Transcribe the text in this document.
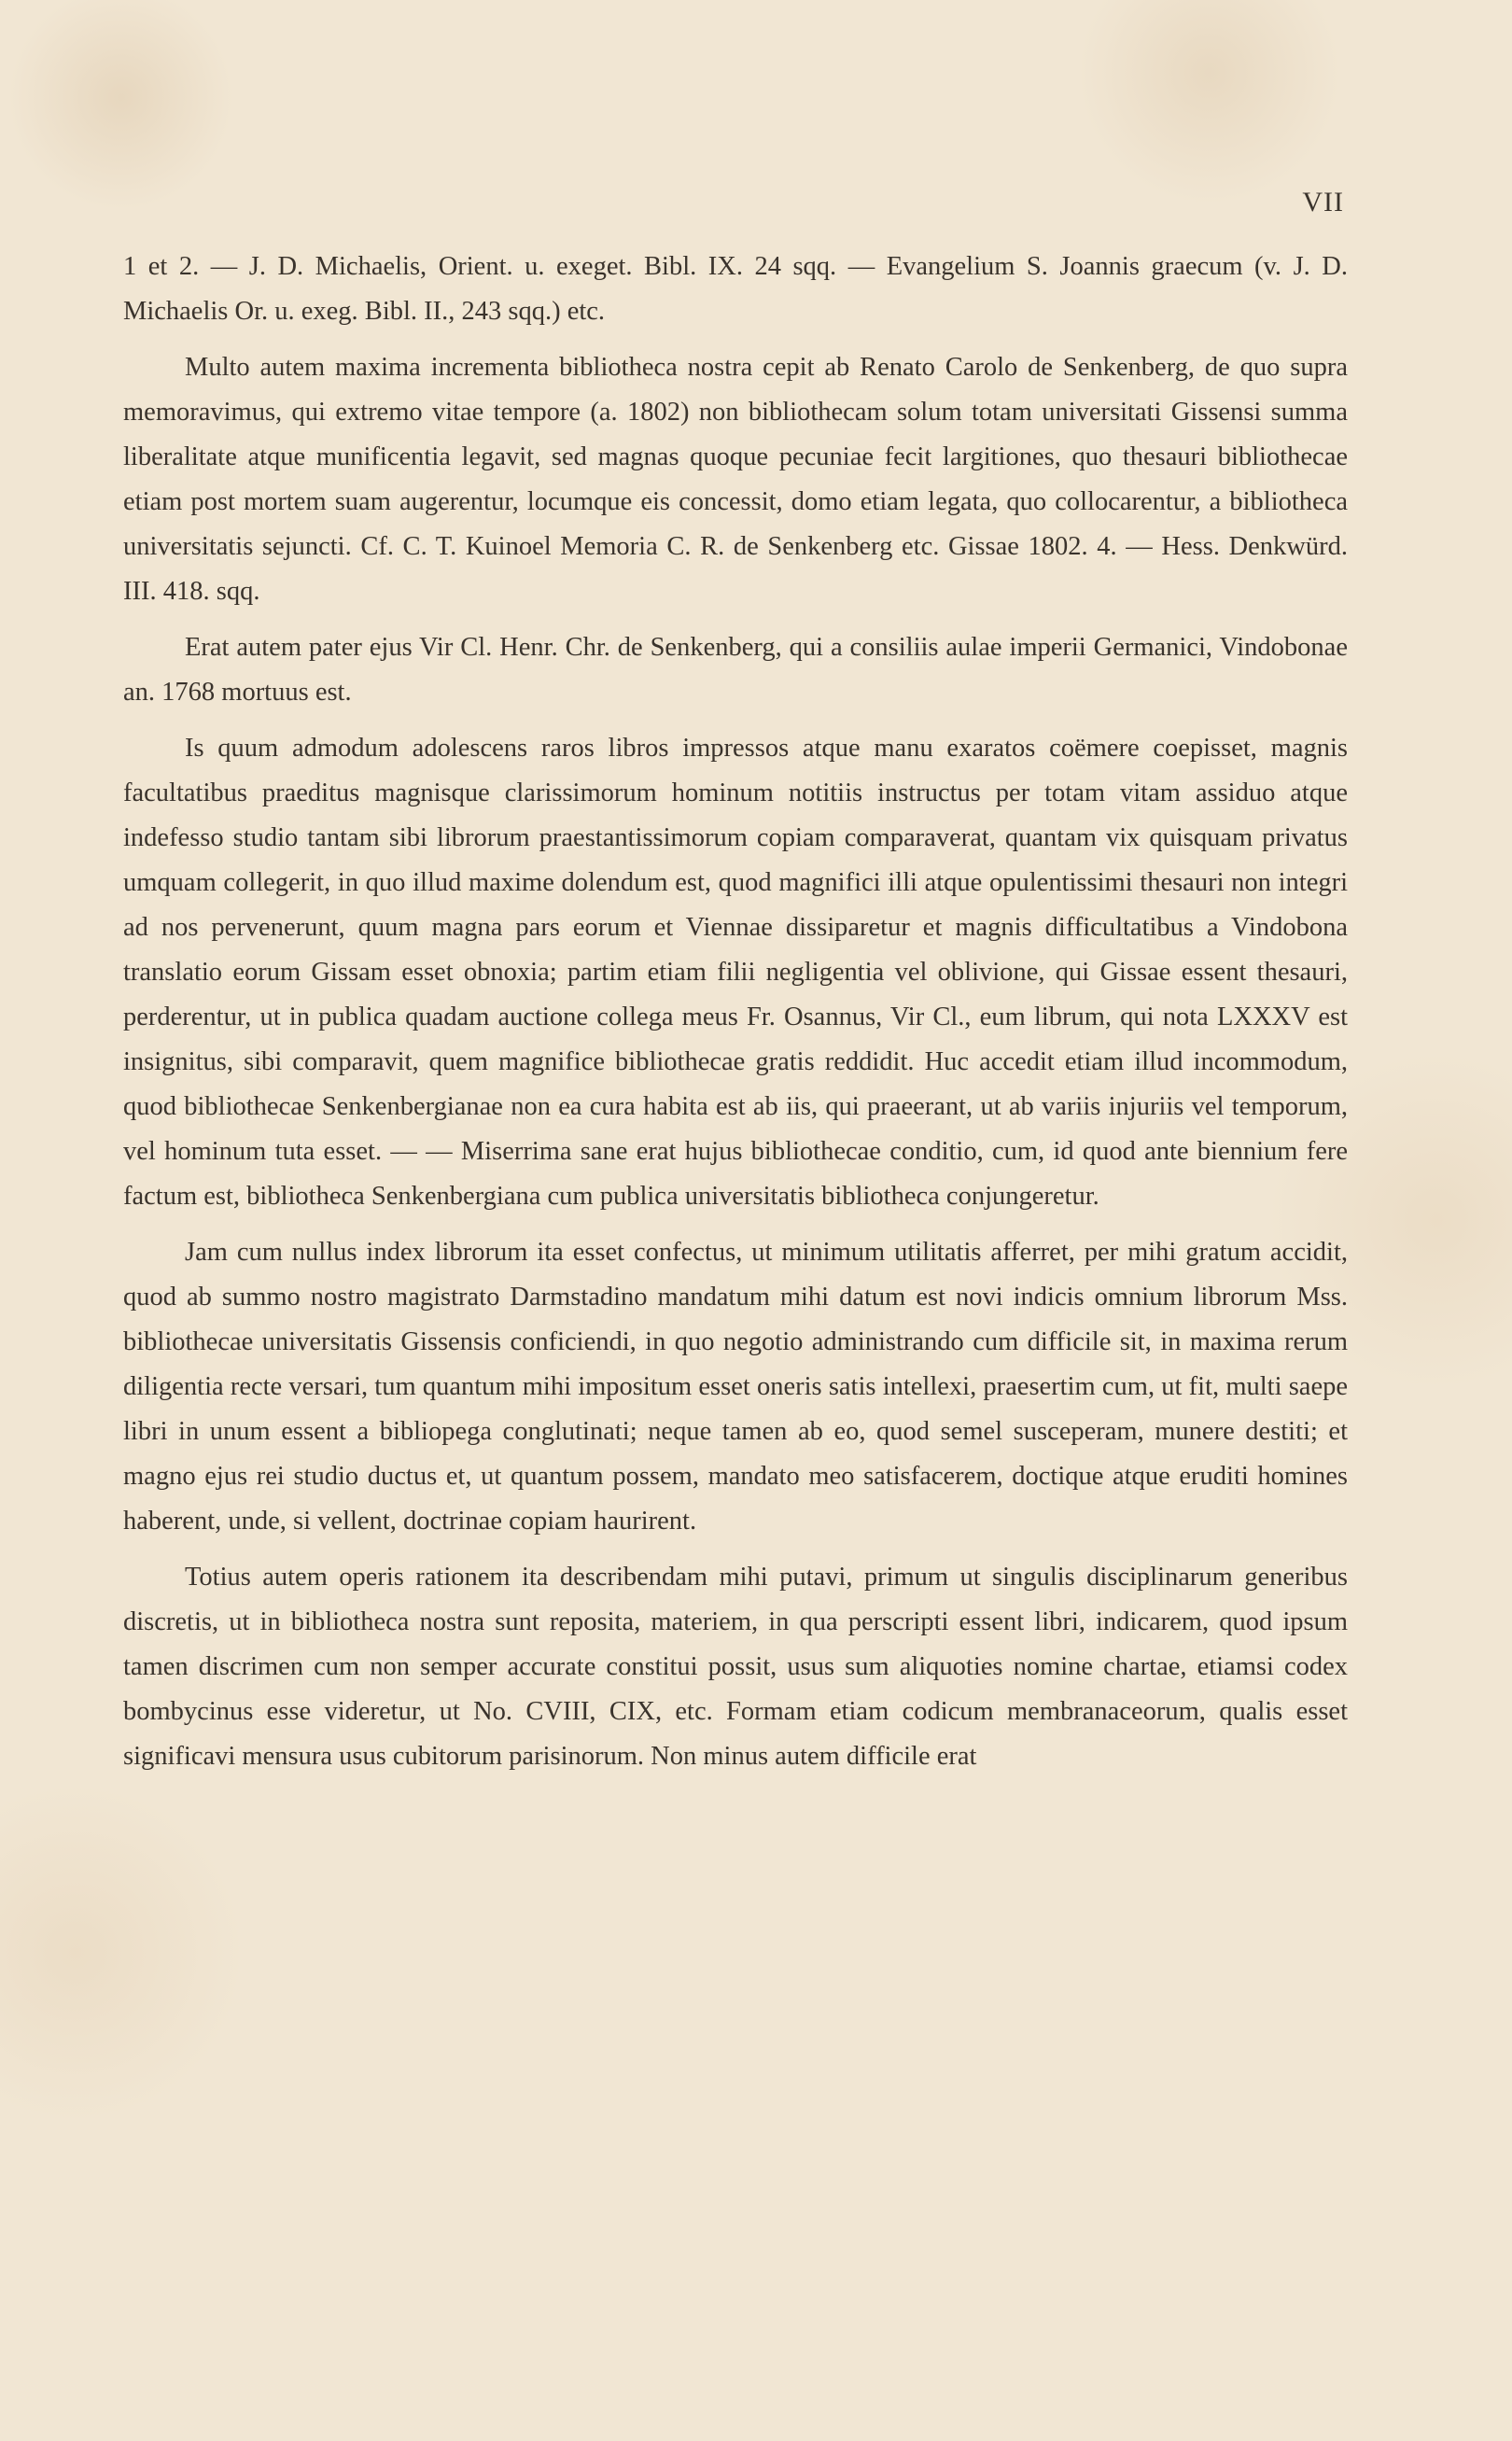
VII

1 et 2. — J. D. Michaelis, Orient. u. exeget. Bibl. IX. 24 sqq. — Evangelium S. Joannis graecum (v. J. D. Michaelis Or. u. exeg. Bibl. II., 243 sqq.) etc.

Multo autem maxima incrementa bibliotheca nostra cepit ab Renato Carolo de Senkenberg, de quo supra memoravimus, qui extremo vitae tempore (a. 1802) non bibliothecam solum totam universitati Gissensi summa liberalitate atque munificentia legavit, sed magnas quoque pecuniae fecit largitiones, quo thesauri bibliothecae etiam post mortem suam augerentur, locumque eis concessit, domo etiam legata, quo collocarentur, a bibliotheca universitatis sejuncti. Cf. C. T. Kuinoel Memoria C. R. de Senkenberg etc. Gissae 1802. 4. — Hess. Denkwürd. III. 418. sqq.

Erat autem pater ejus Vir Cl. Henr. Chr. de Senkenberg, qui a consiliis aulae imperii Germanici, Vindobonae an. 1768 mortuus est.

Is quum admodum adolescens raros libros impressos atque manu exaratos coëmere coepisset, magnis facultatibus praeditus magnisque clarissimorum hominum notitiis instructus per totam vitam assiduo atque indefesso studio tantam sibi librorum praestantissimorum copiam comparaverat, quantam vix quisquam privatus umquam collegerit, in quo illud maxime dolendum est, quod magnifici illi atque opulentissimi thesauri non integri ad nos pervenerunt, quum magna pars eorum et Viennae dissiparetur et magnis difficultatibus a Vindobona translatio eorum Gissam esset obnoxia; partim etiam filii negligentia vel oblivione, qui Gissae essent thesauri, perderentur, ut in publica quadam auctione collega meus Fr. Osannus, Vir Cl., eum librum, qui nota LXXXV est insignitus, sibi comparavit, quem magnifice bibliothecae gratis reddidit. Huc accedit etiam illud incommodum, quod bibliothecae Senkenbergianae non ea cura habita est ab iis, qui praeerant, ut ab variis injuriis vel temporum, vel hominum tuta esset. — — Miserrima sane erat hujus bibliothecae conditio, cum, id quod ante biennium fere factum est, bibliotheca Senkenbergiana cum publica universitatis bibliotheca conjungeretur.

Jam cum nullus index librorum ita esset confectus, ut minimum utilitatis afferret, per mihi gratum accidit, quod ab summo nostro magistrato Darmstadino mandatum mihi datum est novi indicis omnium librorum Mss. bibliothecae universitatis Gissensis conficiendi, in quo negotio administrando cum difficile sit, in maxima rerum diligentia recte versari, tum quantum mihi impositum esset oneris satis intellexi, praesertim cum, ut fit, multi saepe libri in unum essent a bibliopega conglutinati; neque tamen ab eo, quod semel susceperam, munere destiti; et magno ejus rei studio ductus et, ut quantum possem, mandato meo satisfacerem, doctique atque eruditi homines haberent, unde, si vellent, doctrinae copiam haurirent.

Totius autem operis rationem ita describendam mihi putavi, primum ut singulis disciplinarum generibus discretis, ut in bibliotheca nostra sunt reposita, materiem, in qua perscripti essent libri, indicarem, quod ipsum tamen discrimen cum non semper accurate constitui possit, usus sum aliquoties nomine chartae, etiamsi codex bombycinus esse videretur, ut No. CVIII, CIX, etc. Formam etiam codicum membranaceorum, qualis esset significavi mensura usus cubitorum parisinorum. Non minus autem difficile erat
